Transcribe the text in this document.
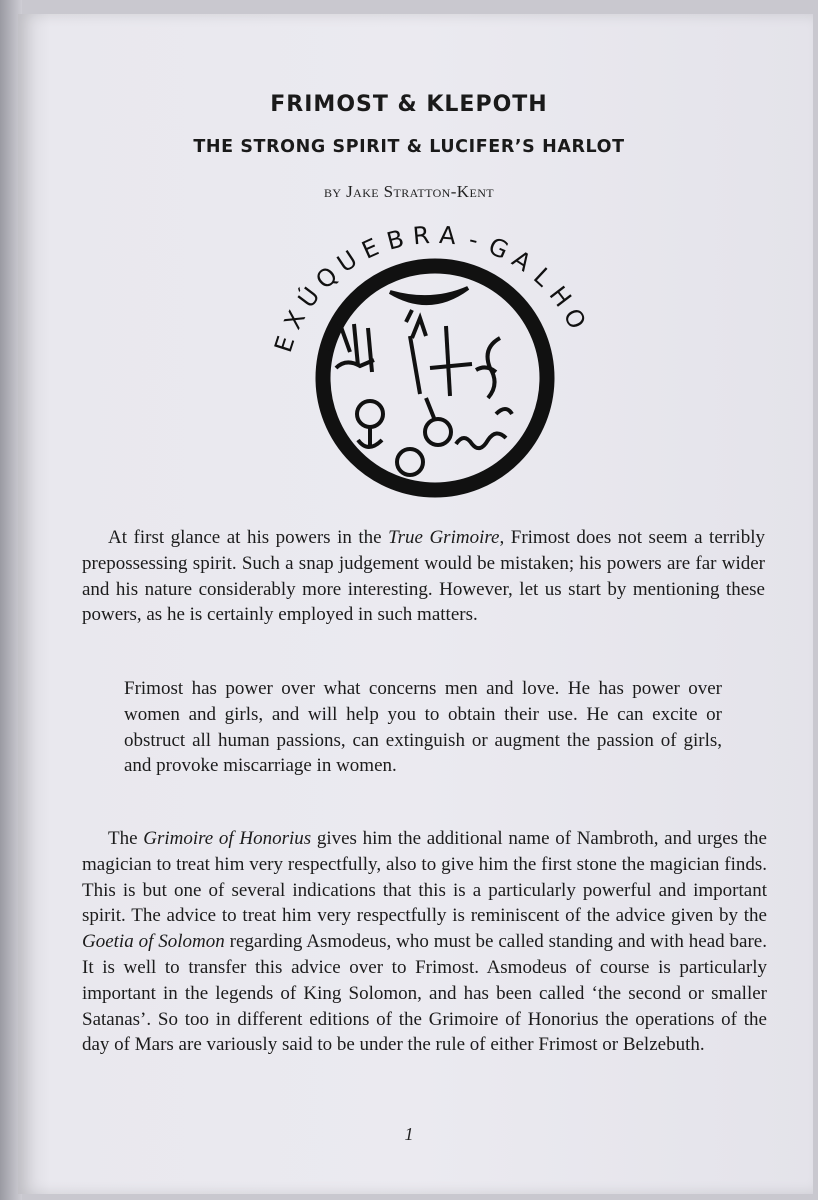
FRIMOST & KLEPOTH
THE STRONG SPIRIT & LUCIFER’S HARLOT
by Jake Stratton-Kent
E
X
Ú
Q
U
E B R A - G
A
L
H
O

At first glance at his powers in the True Grimoire, Frimost does not seem a terribly prepossessing spirit. Such a snap judgement would be mistaken; his powers are far wider and his nature considerably more interesting. However, let us start by mentioning these powers, as he is certainly employed in such matters.

Frimost has power over what concerns men and love. He has power over women and girls, and will help you to obtain their use. He can excite or obstruct all human passions, can extinguish or augment the passion of girls, and provoke miscarriage in women.

The Grimoire of Honorius gives him the additional name of Nambroth, and urges the magician to treat him very respectfully, also to give him the first stone the magician finds. This is but one of several indications that this is a particularly powerful and important spirit. The advice to treat him very respectfully is reminiscent of the advice given by the Goetia of Solomon regarding Asmodeus, who must be called standing and with head bare. It is well to transfer this advice over to Frimost. Asmodeus of course is particularly important in the legends of King Solomon, and has been called ‘the second or smaller Satanas’. So too in different editions of the Grimoire of Honorius the operations of the day of Mars are variously said to be under the rule of either Frimost or Belzebuth.

1
